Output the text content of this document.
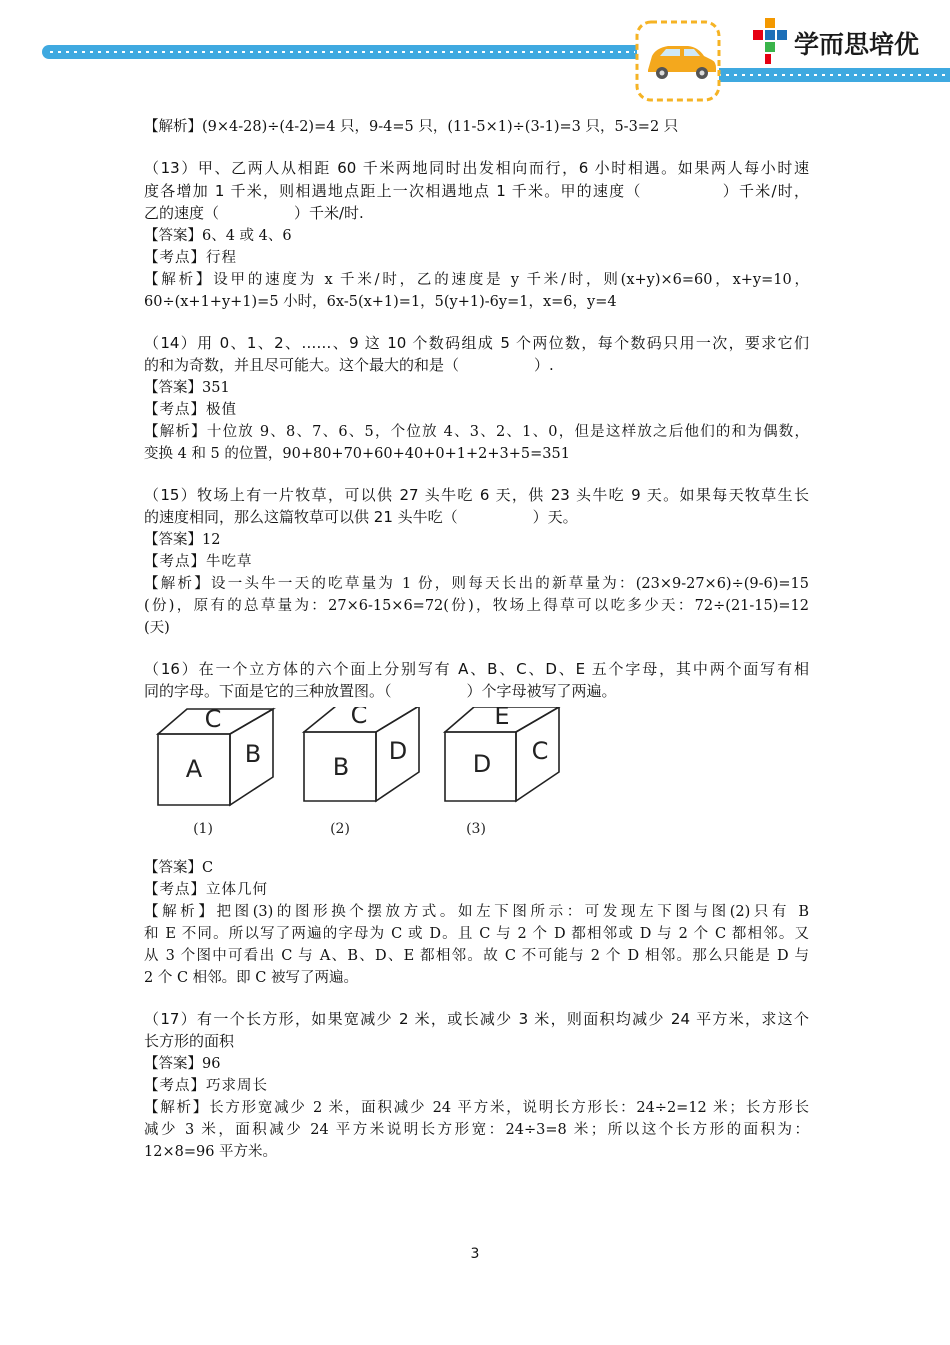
学而思培优
【解析】(9×4-28)÷(4-2)=4 只，9-4=5 只，(11-5×1)÷(3-1)=3 只，5-3=2 只
（13）甲、乙两人从相距 60 千米两地同时出发相向而行，6 小时相遇。如果两人每小时速
度各增加 1 千米，则相遇地点距上一次相遇地点 1 千米。甲的速度（　　　　　）千米/时，
乙的速度（　　　　　）千米/时.
【答案】6、4 或 4、6
【考点】行程
【解析】设甲的速度为 x 千米/时，乙的速度是 y 千米/时，则(x+y)×6=60，x+y=10，
60÷(x+1+y+1)=5 小时，6x-5(x+1)=1，5(y+1)-6y=1，x=6，y=4
（14）用 0、1、2、……、9 这 10 个数码组成 5 个两位数，每个数码只用一次，要求它们
的和为奇数，并且尽可能大。这个最大的和是（　　　　　）.
【答案】351
【考点】极值
【解析】十位放 9、8、7、6、5，个位放 4、3、2、1、0，但是这样放之后他们的和为偶数，
变换 4 和 5 的位置，90+80+70+60+40+0+1+2+3+5=351
（15）牧场上有一片牧草，可以供 27 头牛吃 6 天，供 23 头牛吃 9 天。如果每天牧草生长
的速度相同，那么这篇牧草可以供 21 头牛吃（　　　　　）天。
【答案】12
【考点】牛吃草
【解析】设一头牛一天的吃草量为 1 份，则每天长出的新草量为：(23×9-27×6)÷(9-6)=15
(份)，原有的总草量为：27×6-15×6=72(份)，牧场上得草可以吃多少天：72÷(21-15)=12
(天)
（16）在一个立方体的六个面上分别写有 A、B、C、D、E 五个字母，其中两个面写有相
同的字母。下面是它的三种放置图。（　　　　　）个字母被写了两遍。
C
A
B
C
B
D
E
D C
(1)	(2)	(3)
【答案】C
【考点】立体几何
【解析】把图(3)的图形换个摆放方式。如左下图所示：可发现左下图与图(2)只有 B
和 E 不同。所以写了两遍的字母为 C 或 D。且 C 与 2 个 D 都相邻或 D 与 2 个 C 都相邻。又
从 3 个图中可看出 C 与 A、B、D、E 都相邻。故 C 不可能与 2 个 D 相邻。那么只能是 D 与
2 个 C 相邻。即 C 被写了两遍。
（17）有一个长方形，如果宽减少 2 米，或长减少 3 米，则面积均减少 24 平方米，求这个
长方形的面积
【答案】96
【考点】巧求周长
【解析】长方形宽减少 2 米，面积减少 24 平方米，说明长方形长：24÷2=12 米；长方形长
减少 3 米，面积减少 24 平方米说明长方形宽：24÷3=8 米；所以这个长方形的面积为：
12×8=96 平方米。
3
